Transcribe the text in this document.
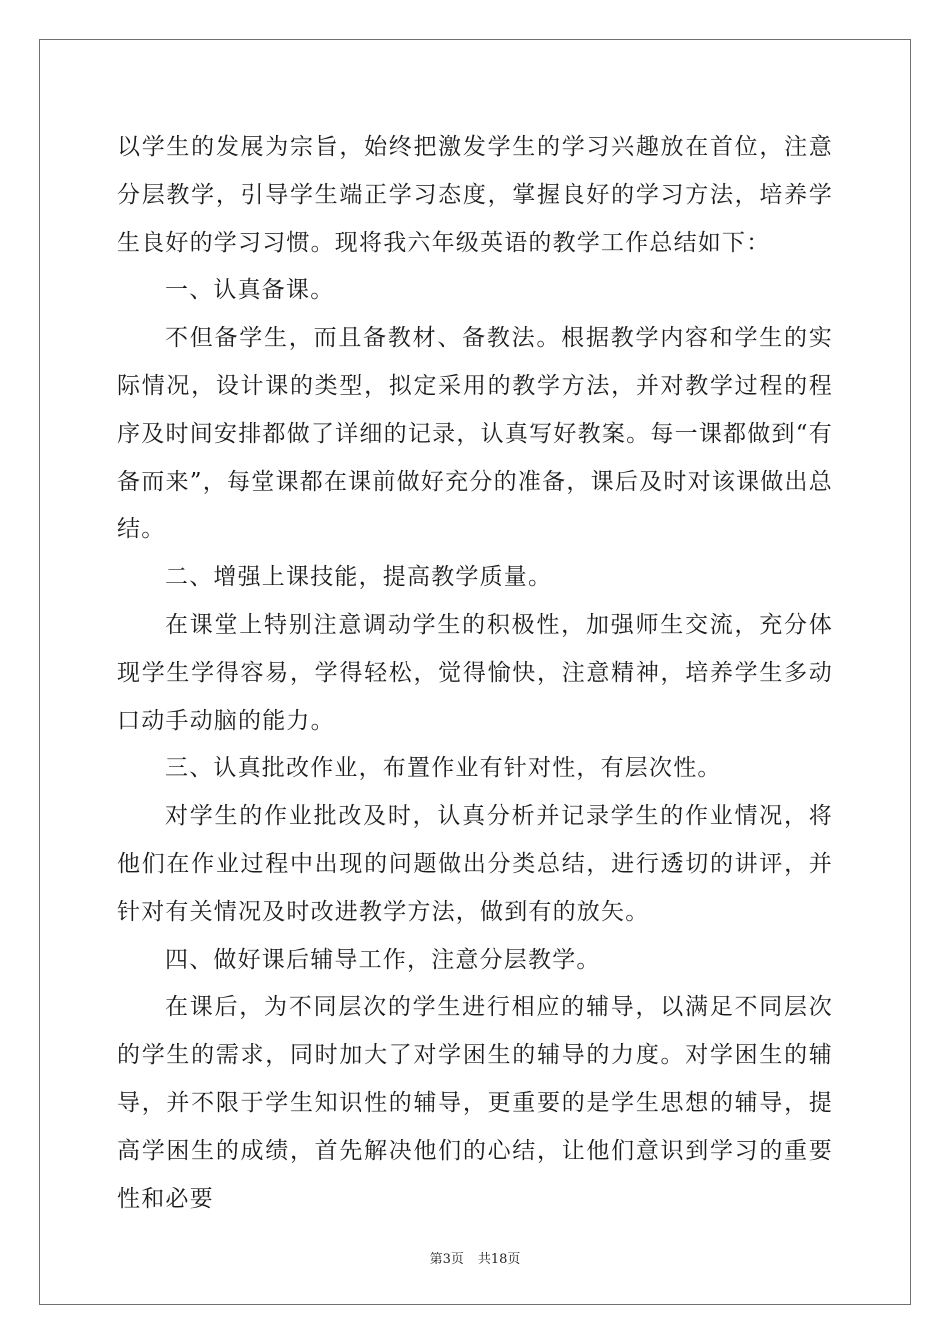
以学生的发展为宗旨，始终把激发学生的学习兴趣放在首位，注意分层教学，引导学生端正学习态度，掌握良好的学习方法，培养学生良好的学习习惯。现将我六年级英语的教学工作总结如下：

一、认真备课。

不但备学生，而且备教材、备教法。根据教学内容和学生的实际情况，设计课的类型，拟定采用的教学方法，并对教学过程的程序及时间安排都做了详细的记录，认真写好教案。每一课都做到“有备而来”，每堂课都在课前做好充分的准备，课后及时对该课做出总结。

二、增强上课技能，提高教学质量。

在课堂上特别注意调动学生的积极性，加强师生交流，充分体现学生学得容易，学得轻松，觉得愉快，注意精神，培养学生多动口动手动脑的能力。

三、认真批改作业，布置作业有针对性，有层次性。

对学生的作业批改及时，认真分析并记录学生的作业情况，将他们在作业过程中出现的问题做出分类总结，进行透切的讲评，并针对有关情况及时改进教学方法，做到有的放矢。

四、做好课后辅导工作，注意分层教学。

在课后，为不同层次的学生进行相应的辅导，以满足不同层次的学生的需求，同时加大了对学困生的辅导的力度。对学困生的辅导，并不限于学生知识性的辅导，更重要的是学生思想的辅导，提高学困生的成绩，首先解决他们的心结，让他们意识到学习的重要性和必要

第3页 共18页
